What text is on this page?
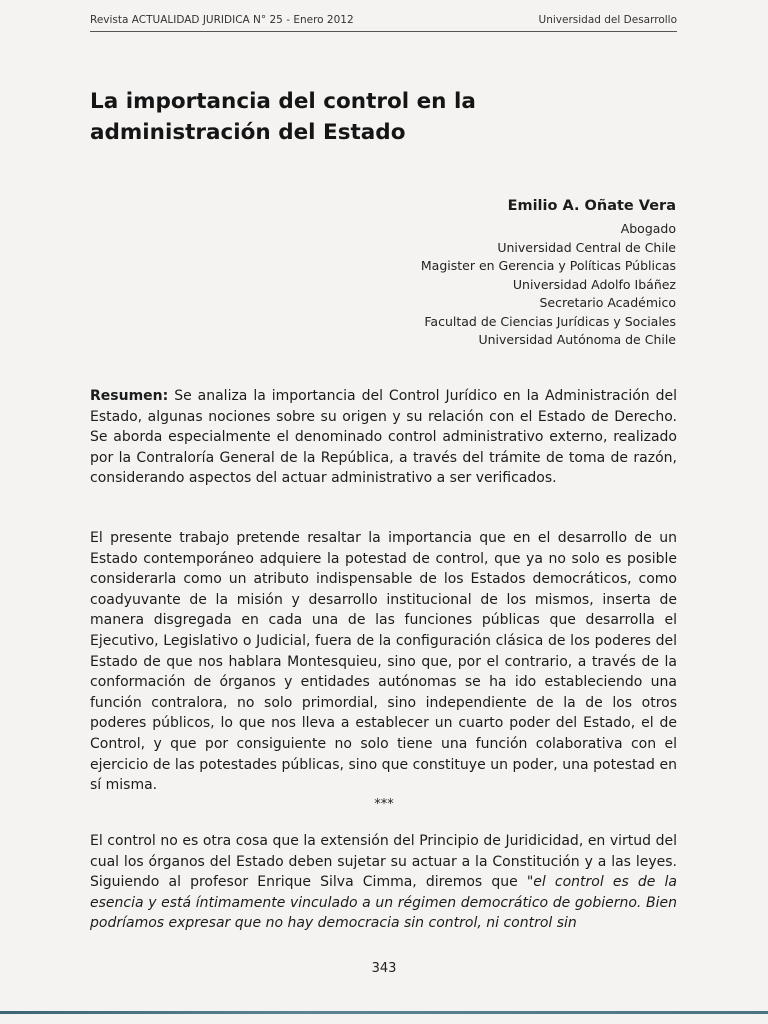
Revista ACTUALIDAD JURIDICA N° 25 - Enero 2012	Universidad del Desarrollo
La importancia del control en la administración del Estado
Emilio A. Oñate Vera
Abogado
Universidad Central de Chile
Magister en Gerencia y Políticas Públicas
Universidad Adolfo Ibáñez
Secretario Académico
Facultad de Ciencias Jurídicas y Sociales
Universidad Autónoma de Chile

Resumen: Se analiza la importancia del Control Jurídico en la Administración del Estado, algunas nociones sobre su origen y su relación con el Estado de Derecho. Se aborda especialmente el denominado control administrativo externo, realizado por la Contraloría General de la República, a través del trámite de toma de razón, considerando aspectos del actuar administrativo a ser verificados.

El presente trabajo pretende resaltar la importancia que en el desarrollo de un Estado contemporáneo adquiere la potestad de control, que ya no solo es posible considerarla como un atributo indispensable de los Estados democráticos, como coadyuvante de la misión y desarrollo institucional de los mismos, inserta de manera disgregada en cada una de las funciones públicas que desarrolla el Ejecutivo, Legislativo o Judicial, fuera de la configuración clásica de los poderes del Estado de que nos hablara Montesquieu, sino que, por el contrario, a través de la conformación de órganos y entidades autónomas se ha ido estableciendo una función contralora, no solo primordial, sino independiente de la de los otros poderes públicos, lo que nos lleva a establecer un cuarto poder del Estado, el de Control, y que por consiguiente no solo tiene una función colaborativa con el ejercicio de las potestades públicas, sino que constituye un poder, una potestad en sí misma.

***

El control no es otra cosa que la extensión del Principio de Juridicidad, en virtud del cual los órganos del Estado deben sujetar su actuar a la Constitución y a las leyes. Siguiendo al profesor Enrique Silva Cimma, diremos que "el control es de la esencia y está íntimamente vinculado a un régimen democrático de gobierno. Bien podríamos expresar que no hay democracia sin control, ni control sin

343
